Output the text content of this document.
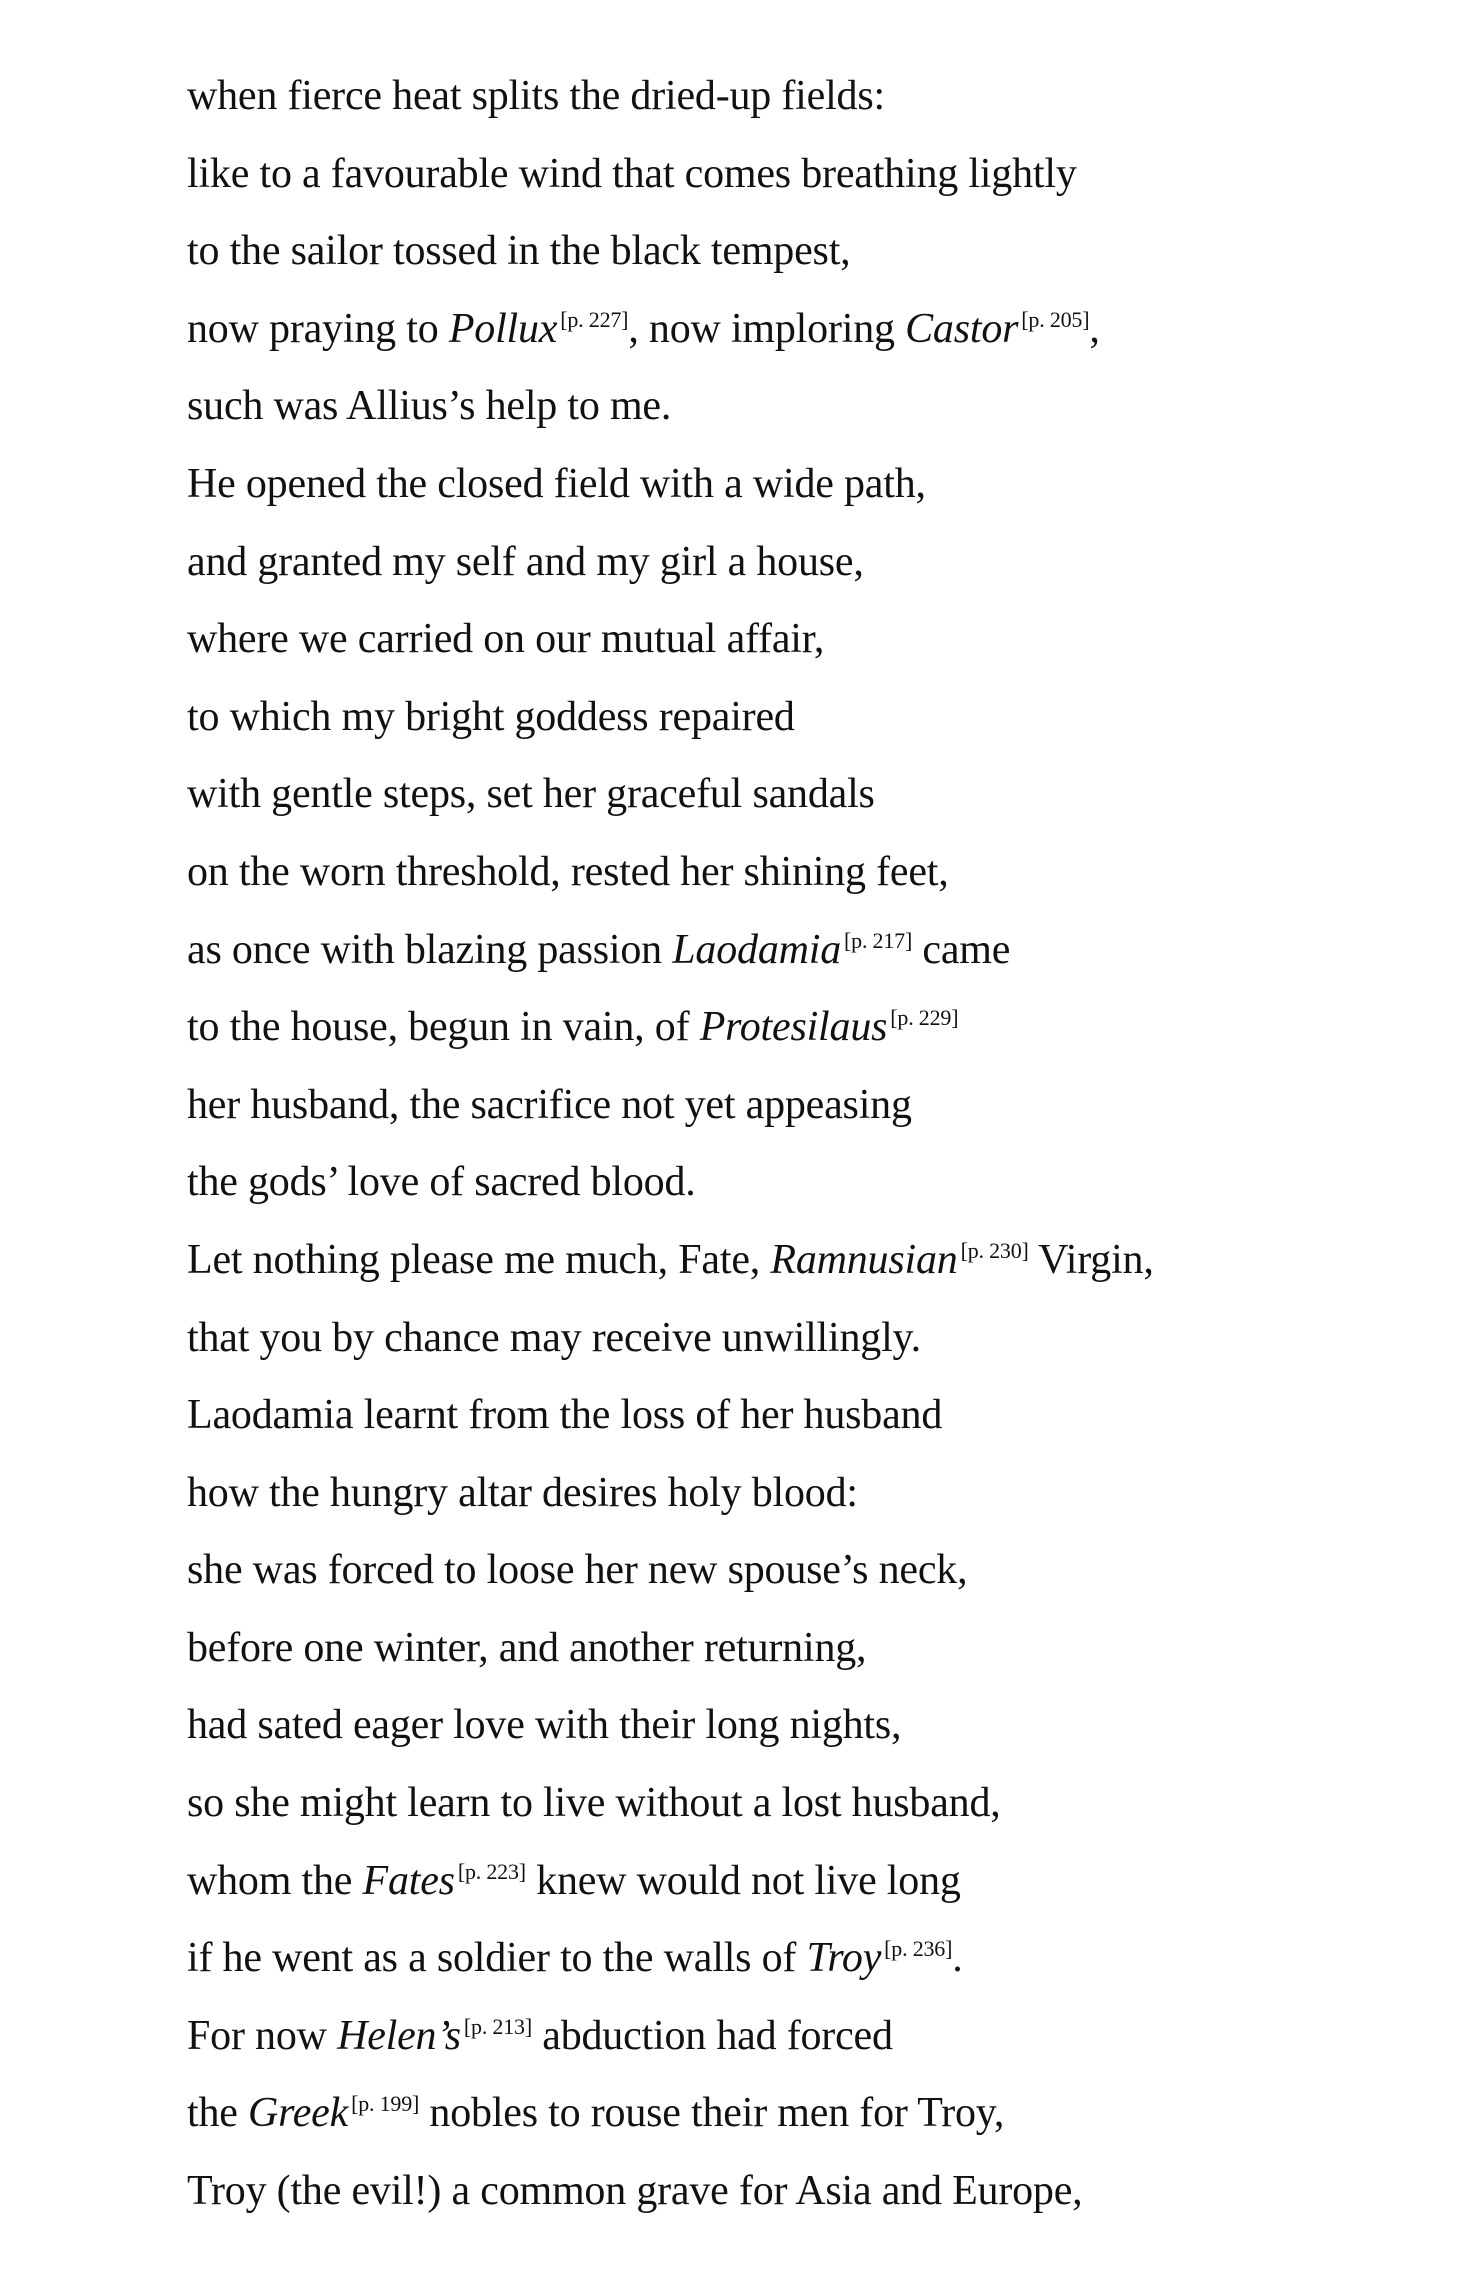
when fierce heat splits the dried-up fields:
like to a favourable wind that comes breathing lightly
to the sailor tossed in the black tempest,
now praying to Pollux [p. 227], now imploring Castor [p. 205],
such was Allius’s help to me.
He opened the closed field with a wide path,
and granted my self and my girl a house,
where we carried on our mutual affair,
to which my bright goddess repaired
with gentle steps, set her graceful sandals
on the worn threshold, rested her shining feet,
as once with blazing passion Laodamia [p. 217] came
to the house, begun in vain, of Protesilaus [p. 229]
her husband, the sacrifice not yet appeasing
the gods’ love of sacred blood.
Let nothing please me much, Fate, Ramnusian [p. 230] Virgin,
that you by chance may receive unwillingly.
Laodamia learnt from the loss of her husband
how the hungry altar desires holy blood:
she was forced to loose her new spouse’s neck,
before one winter, and another returning,
had sated eager love with their long nights,
so she might learn to live without a lost husband,
whom the Fates [p. 223] knew would not live long
if he went as a soldier to the walls of Troy [p. 236].
For now Helen’s [p. 213] abduction had forced
the Greek [p. 199] nobles to rouse their men for Troy,
Troy (the evil!) a common grave for Asia and Europe,
